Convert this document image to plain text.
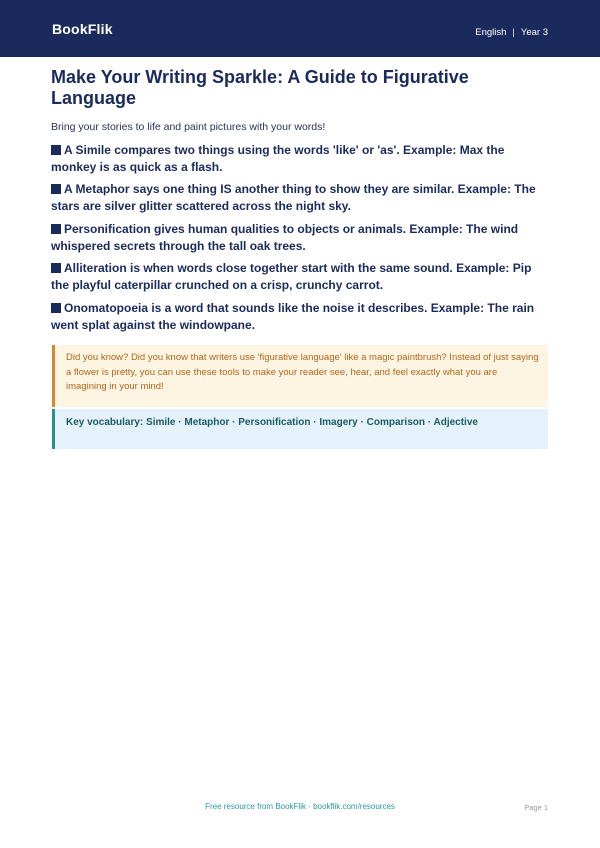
BookFlik	English | Year 3
Make Your Writing Sparkle: A Guide to Figurative Language
Bring your stories to life and paint pictures with your words!
A Simile compares two things using the words 'like' or 'as'. Example: Max the monkey is as quick as a flash.
A Metaphor says one thing IS another thing to show they are similar. Example: The stars are silver glitter scattered across the night sky.
Personification gives human qualities to objects or animals. Example: The wind whispered secrets through the tall oak trees.
Alliteration is when words close together start with the same sound. Example: Pip the playful caterpillar crunched on a crisp, crunchy carrot.
Onomatopoeia is a word that sounds like the noise it describes. Example: The rain went splat against the windowpane.
Did you know? Did you know that writers use 'figurative language' like a magic paintbrush? Instead of just saying a flower is pretty, you can use these tools to make your reader see, hear, and feel exactly what you are imagining in your mind!
Key vocabulary: Simile · Metaphor · Personification · Imagery · Comparison · Adjective
Free resource from BookFlik · bookflik.com/resources	Page 1
